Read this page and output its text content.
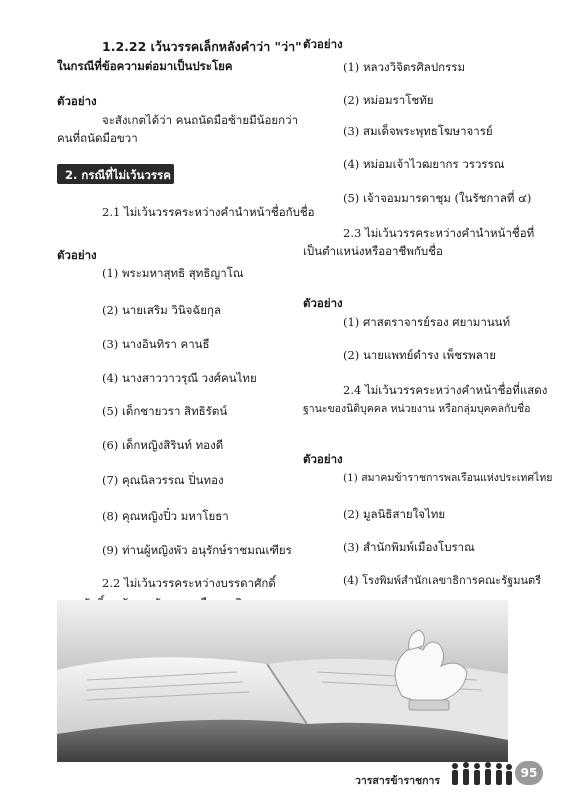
1.2.22 เว้นวรรคเล็กหลังคำว่า "ว่า"
ในกรณีที่ข้อความต่อมาเป็นประโยค
ตัวอย่าง
จะสังเกตได้ว่า คนถนัดมือซ้ายมีน้อยกว่า
คนที่ถนัดมือขวา
2. กรณีที่ไม่เว้นวรรค
2.1 ไม่เว้นวรรคระหว่างคำนำหน้าชื่อกับชื่อ
ตัวอย่าง
(1) พระมหาสุทธิ สุทธิญาโณ
(2) นายเสริม วินิจฉัยกุล
(3) นางอินทิรา คานธี
(4) นางสาววาวรุณี วงศ์คนไทย
(5) เด็กชายวรา สิทธิรัตน์
(6) เด็กหญิงสิรินท์ ทองดี
(7) คุณนิลวรรณ ปิ่นทอง
(8) คุณหญิงปิ๋ว มหาโยธา
(9) ท่านผู้หญิงพัว อนุรักษ์ราชมณเฑียร
2.2 ไม่เว้นวรรคระหว่างบรรดาศักดิ์
ตัวอย่าง
(1) หลวงวิจิตรศิลปกรรม
(2) หม่อมราโชทัย
(3) สมเด็จพระพุทธโฆษาจารย์
(4) หม่อมเจ้าไวฒยากร วรวรรณ
(5) เจ้าจอมมารดาชุม (ในรัชกาลที่ ๔)
2.3 ไม่เว้นวรรคระหว่างคำนำหน้าชื่อที่
เป็นตำแหน่งหรืออาชีพกับชื่อ
ตัวอย่าง
(1) ศาสตราจารย์รอง ศยามานนท์
(2) นายแพทย์ดำรง เพ็ชรพลาย
2.4 ไม่เว้นวรรคระหว่างคำหน้าชื่อที่แสดง
ฐานะของนิติบุคคล หน่วยงาน หรือกลุ่มบุคคลกับชื่อ
ตัวอย่าง
(1) สมาคมข้าราชการพลเรือนแห่งประเทศไทย
(2) มูลนิธิสายใจไทย
(3) สำนักพิมพ์เมืองโบราณ
(4) โรงพิมพ์สำนักเลขาธิการคณะรัฐมนตรี
วารสารข้าราชการ
95
